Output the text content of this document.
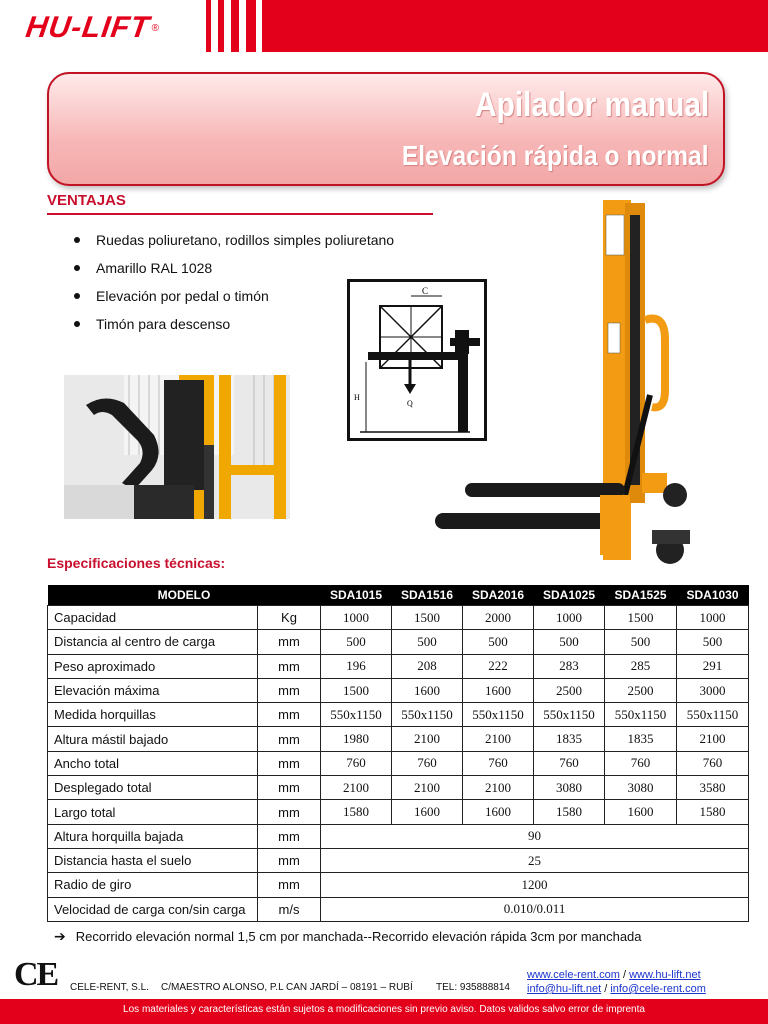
HU-LIFT ®
Apilador manual
Elevación rápida o normal
VENTAJAS
Ruedas poliuretano, rodillos simples poliuretano
Amarillo RAL 1028
Elevación por pedal o timón
Timón para descenso
C
Q
H
Especificaciones técnicas:
MODELO		SDA1015	SDA1516	SDA2016	SDA1025	SDA1525	SDA1030
Capacidad	Kg	1000	1500	2000	1000	1500	1000
Distancia al centro de carga	mm	500	500	500	500	500	500
Peso aproximado	mm	196	208	222	283	285	291
Elevación máxima	mm	1500	1600	1600	2500	2500	3000
Medida horquillas	mm	550x1150	550x1150	550x1150	550x1150	550x1150	550x1150
Altura mástil bajado	mm	1980	2100	2100	1835	1835	2100
Ancho total	mm	760	760	760	760	760	760
Desplegado total	mm	2100	2100	2100	3080	3080	3580
Largo total	mm	1580	1600	1600	1580	1600	1580
Altura horquilla bajada	mm	90					
Distancia hasta el suelo	mm	25					
Radio de giro	mm	1200					
Velocidad de carga con/sin carga	m/s	0.010/0.011					
➔ Recorrido elevación normal 1,5 cm por manchada--Recorrido elevación rápida 3cm por manchada
CE CELE-RENT, S.L. C/MAESTRO ALONSO, P.L CAN JARDÍ – 08191 – RUBÍ TEL: 935888814
www.cele-rent.com / www.hu-lift.net
info@hu-lift.net / info@cele-rent.com
Los materiales y características están sujetos a modificaciones sin previo aviso. Datos validos salvo error de imprenta
